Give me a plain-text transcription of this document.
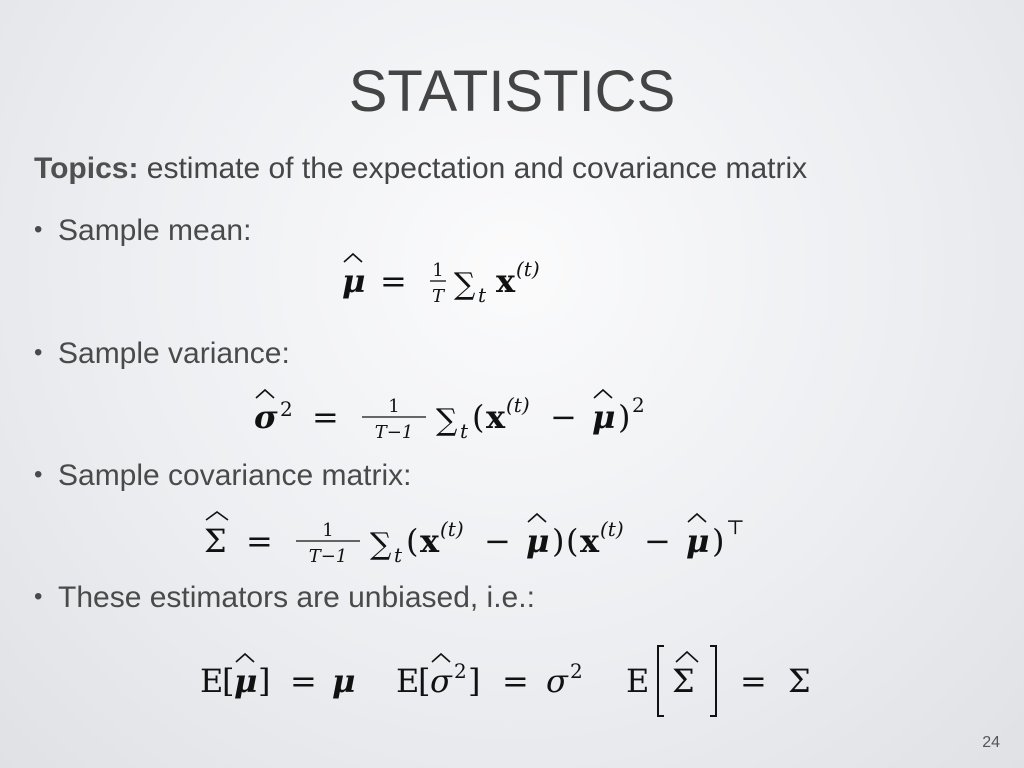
STATISTICS
Topics: estimate of the expectation and covariance matrix
• Sample mean:
• Sample variance:
• Sample covariance matrix:
• These estimators are unbiased, i.e.:
μ = 1
T ∑ t x (t)
σ 2 =	1
T−1 ∑ t ( x (t) − μ ) 2
Σ =	1
T−1 ∑ t ( x (t) − μ ) ( x (t) − μ ) ⊤
E
[ μ ] = μ E
[ σ 2 ] = σ 2 E Σ = Σ
24
